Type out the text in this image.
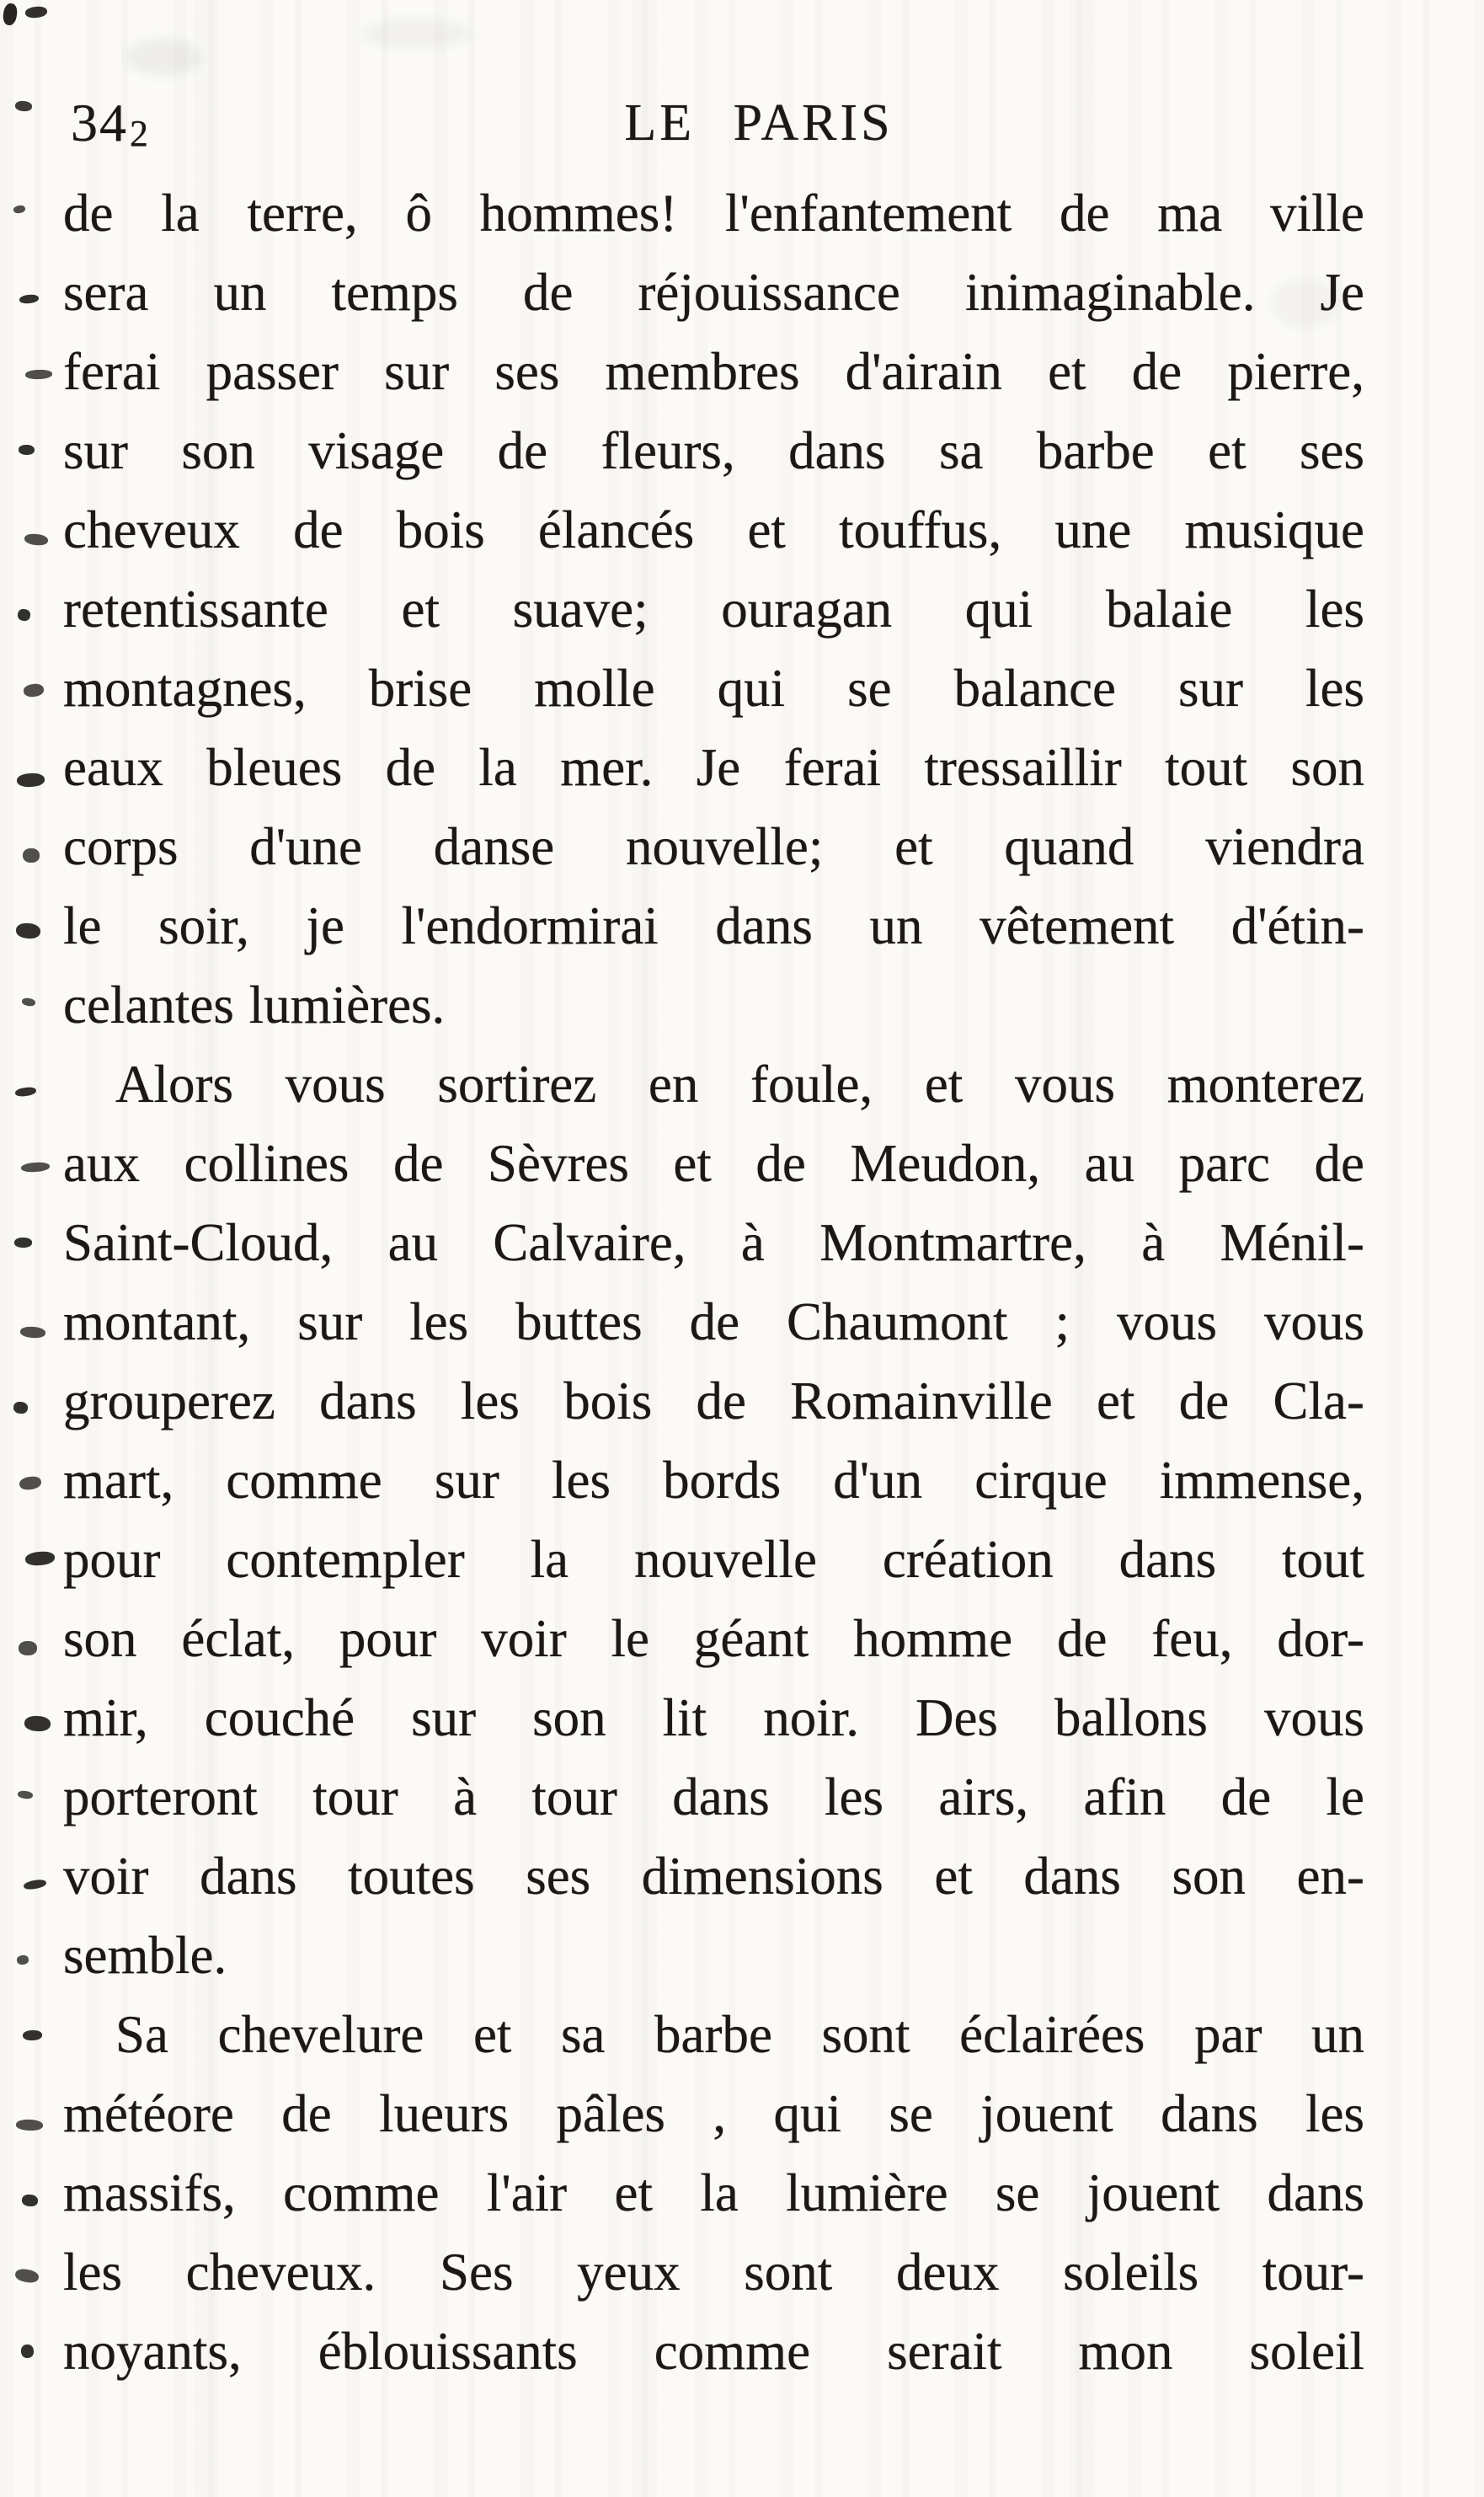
342	LE PARIS
de la terre, ô hommes! l'enfantement de ma ville
sera un temps de réjouissance inimaginable. Je
ferai passer sur ses membres d'airain et de pierre,
sur son visage de fleurs, dans sa barbe et ses
cheveux de bois élancés et touffus, une musique
retentissante et suave; ouragan qui balaie les
montagnes, brise molle qui se balance sur les
eaux bleues de la mer. Je ferai tressaillir tout son
corps d'une danse nouvelle; et quand viendra
le soir, je l'endormirai dans un vêtement d'étin-
celantes lumières.
Alors vous sortirez en foule, et vous monterez
aux collines de Sèvres et de Meudon, au parc de
Saint-Cloud, au Calvaire, à Montmartre, à Ménil-
montant, sur les buttes de Chaumont ; vous vous
grouperez dans les bois de Romainville et de Cla-
mart, comme sur les bords d'un cirque immense,
pour contempler la nouvelle création dans tout
son éclat, pour voir le géant homme de feu, dor-
mir, couché sur son lit noir. Des ballons vous
porteront tour à tour dans les airs, afin de le
voir dans toutes ses dimensions et dans son en-
semble.
Sa chevelure et sa barbe sont éclairées par un
météore de lueurs pâles , qui se jouent dans les
massifs, comme l'air et la lumière se jouent dans
les cheveux. Ses yeux sont deux soleils tour-
noyants, éblouissants comme serait mon soleil
